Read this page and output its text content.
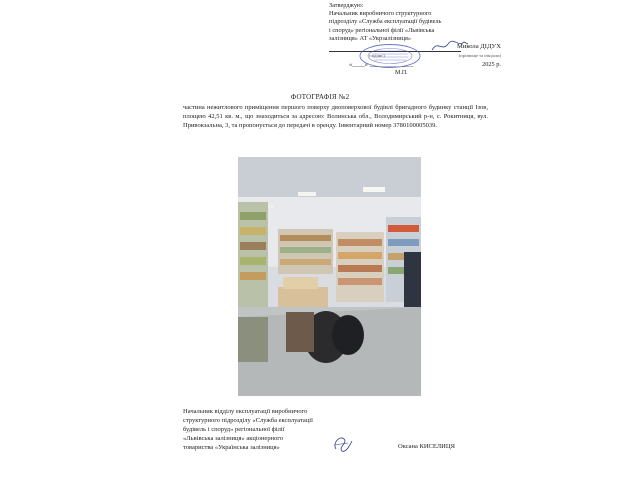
Затверджую:
Начальник виробничого структурного
підрозділу «Служба експлуатації будівель
і споруд» регіональної філії «Львівська
залізниця» АТ «Укрзалізниця»
Микола ДІДУХ
(підпис)	(прізвище та ініціали)
«____» ______________	2025 р.
М.П.
ФОТОГРАФІЯ №2
частина нежитлового приміщення першого поверху двоповерхової будівлі бригадного будинку станції Ізов, площею 42,51 кв. м., що знаходиться за адресою: Волинська обл., Володимирський р-н, с. Рокитниця, вул. Привокзальна, 3, та пропонується до передачі в оренду. Інвентарний номер 3780100005039.
Начальник відділу експлуатації виробничого
структурного підрозділу «Служба експлуатації
будівель і споруд» регіональної філії
«Львівська залізниця» акціонерного
товариства «Українська залізниця»	Оксана КИСЕЛИЦЯ
